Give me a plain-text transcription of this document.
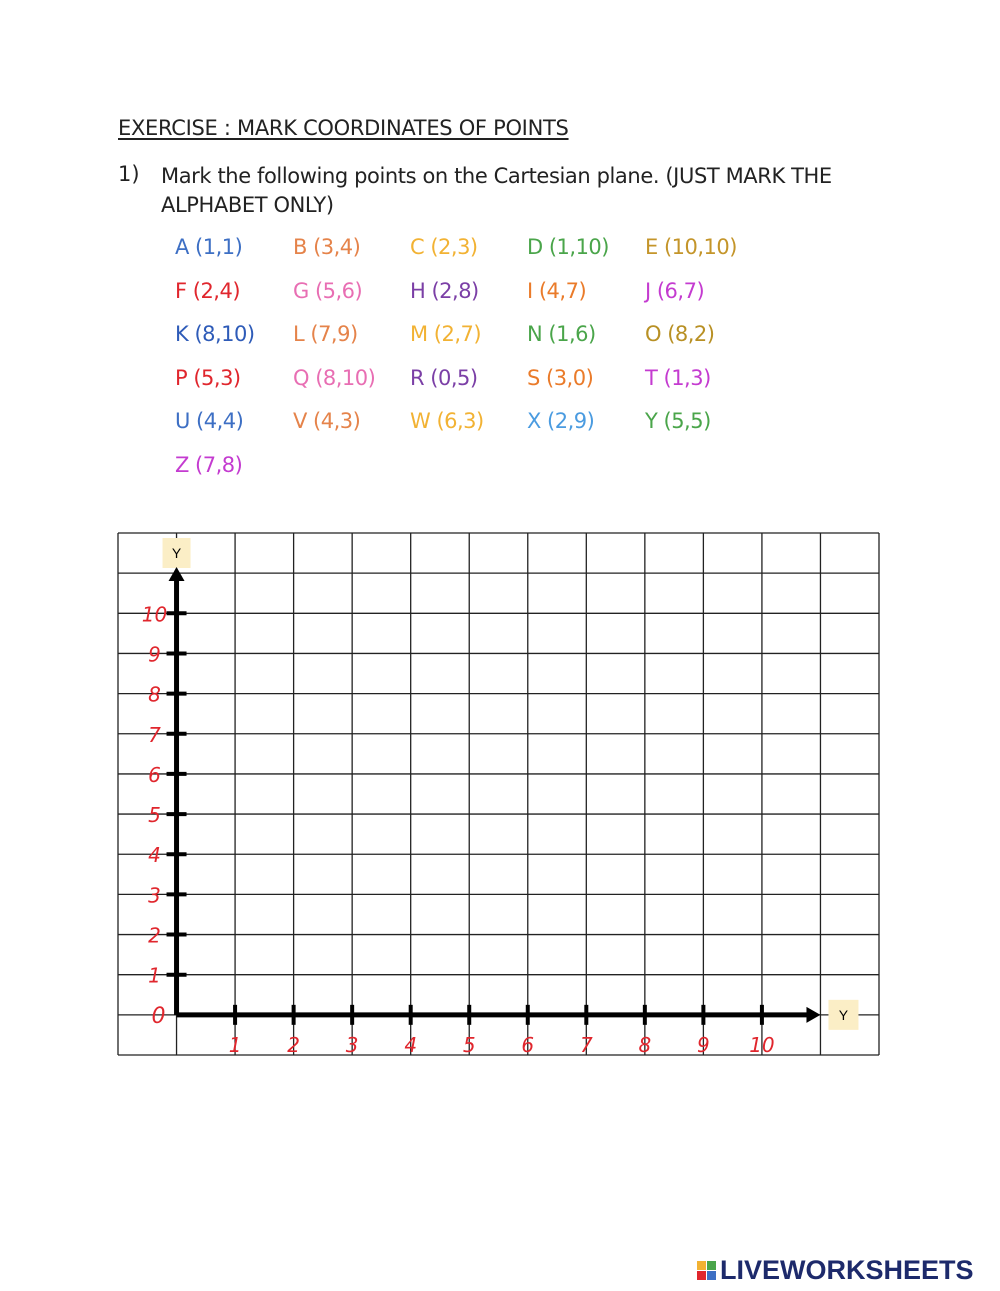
EXERCISE : MARK COORDINATES OF POINTS
1) Mark the following points on the Cartesian plane. (JUST MARK THE ALPHABET ONLY)
A (1,1) B (3,4) C (2,3) D (1,10) E (10,10)
F (2,4)	G (5,6) H (2,8) I (4,7)	J (6,7)
K (8,10) L (7,9) M (2,7) N (1,6) O (8,2)
P (5,3) Q (8,10) R (0,5) S (3,0) T (1,3)
U (4,4) V (4,3) W (6,3) X (2,9) Y (5,5)
Z (7,8)
Y
Y
0
1
2
3
4
5
6
7
8
9
10
1 2 3 4 5 6 7 8 9 10
LIVEWORKSHEETS
